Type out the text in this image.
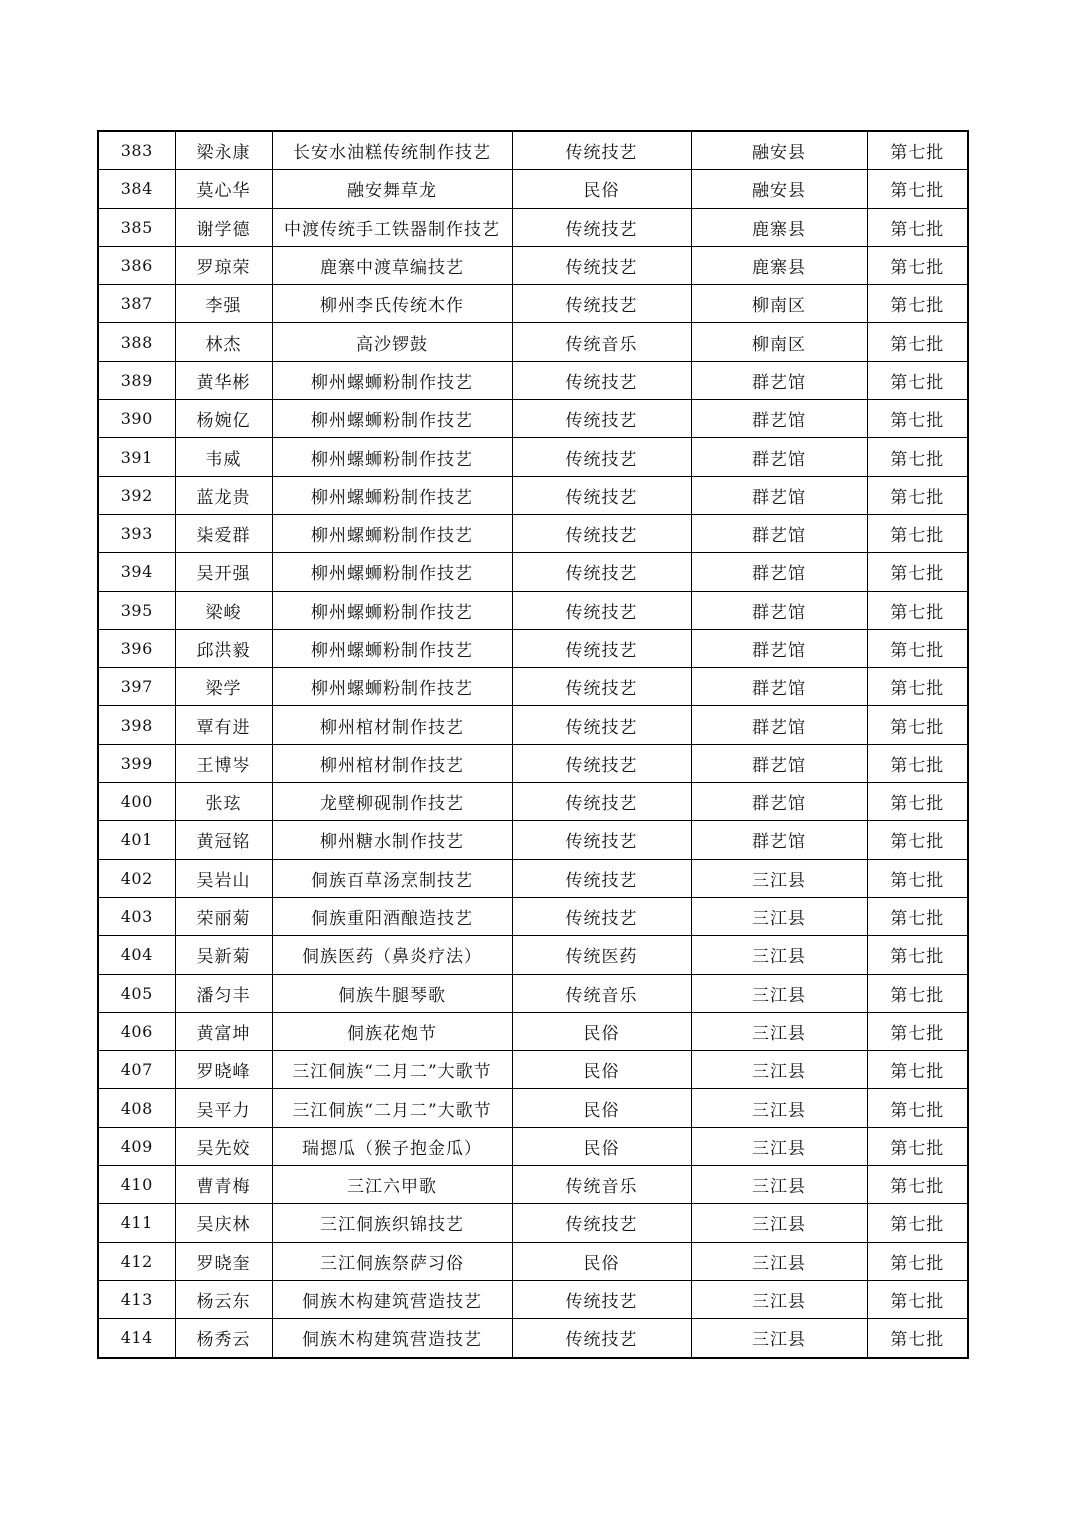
383	梁永康	长安水油糕传统制作技艺	传统技艺	融安县	第七批
384	莫心华	融安舞草龙	民俗	融安县	第七批
385	谢学德	中渡传统手工铁器制作技艺	传统技艺	鹿寨县	第七批
386	罗琼荣	鹿寨中渡草编技艺	传统技艺	鹿寨县	第七批
387	李强	柳州李氏传统木作	传统技艺	柳南区	第七批
388	林杰	高沙锣鼓	传统音乐	柳南区	第七批
389	黄华彬	柳州螺蛳粉制作技艺	传统技艺	群艺馆	第七批
390	杨婉亿	柳州螺蛳粉制作技艺	传统技艺	群艺馆	第七批
391	韦威	柳州螺蛳粉制作技艺	传统技艺	群艺馆	第七批
392	蓝龙贵	柳州螺蛳粉制作技艺	传统技艺	群艺馆	第七批
393	柒爱群	柳州螺蛳粉制作技艺	传统技艺	群艺馆	第七批
394	吴开强	柳州螺蛳粉制作技艺	传统技艺	群艺馆	第七批
395	梁峻	柳州螺蛳粉制作技艺	传统技艺	群艺馆	第七批
396	邱洪毅	柳州螺蛳粉制作技艺	传统技艺	群艺馆	第七批
397	梁学	柳州螺蛳粉制作技艺	传统技艺	群艺馆	第七批
398	覃有进	柳州棺材制作技艺	传统技艺	群艺馆	第七批
399	王博岑	柳州棺材制作技艺	传统技艺	群艺馆	第七批
400	张玹	龙壁柳砚制作技艺	传统技艺	群艺馆	第七批
401	黄冠铭	柳州糖水制作技艺	传统技艺	群艺馆	第七批
402	吴岩山	侗族百草汤烹制技艺	传统技艺	三江县	第七批
403	荣丽菊	侗族重阳酒酿造技艺	传统技艺	三江县	第七批
404	吴新菊	侗族医药（鼻炎疗法）	传统医药	三江县	第七批
405	潘匀丰	侗族牛腿琴歌	传统音乐	三江县	第七批
406	黄富坤	侗族花炮节	民俗	三江县	第七批
407	罗晓峰	三江侗族“二月二”大歌节	民俗	三江县	第七批
408	吴平力	三江侗族“二月二”大歌节	民俗	三江县	第七批
409	吴先姣	瑞摁瓜（猴子抱金瓜）	民俗	三江县	第七批
410	曹青梅	三江六甲歌	传统音乐	三江县	第七批
411	吴庆林	三江侗族织锦技艺	传统技艺	三江县	第七批
412	罗晓奎	三江侗族祭萨习俗	民俗	三江县	第七批
413	杨云东	侗族木构建筑营造技艺	传统技艺	三江县	第七批
414	杨秀云	侗族木构建筑营造技艺	传统技艺	三江县	第七批
